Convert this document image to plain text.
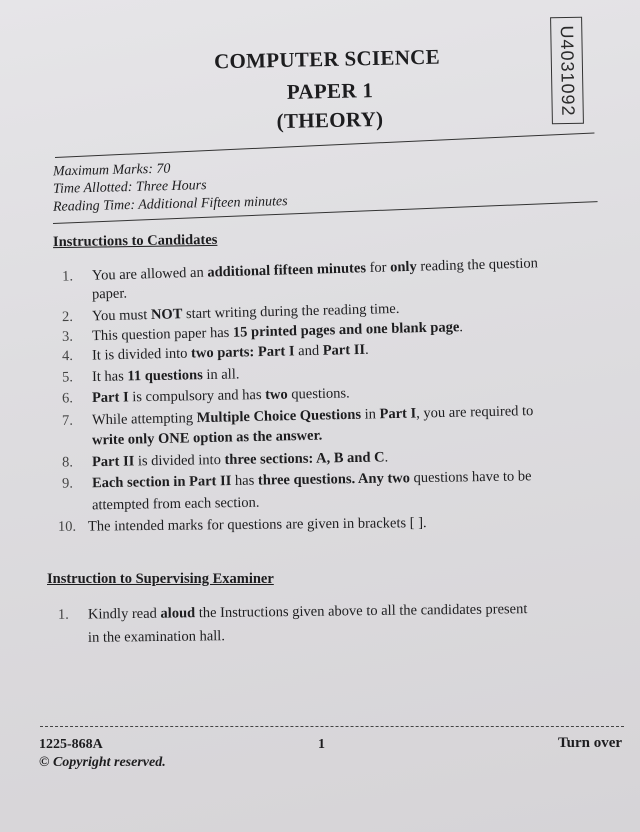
COMPUTER SCIENCE
PAPER 1
(THEORY)
U4031092
Maximum Marks: 70
Time Allotted: Three Hours
Reading Time: Additional Fifteen minutes
Instructions to Candidates
1. You are allowed an additional fifteen minutes for only reading the question
paper.
2. You must NOT start writing during the reading time.
3. This question paper has 15 printed pages and one blank page.
4. It is divided into two parts: Part I and Part II.
5. It has 11 questions in all.
6. Part I is compulsory and has two questions.
7. While attempting Multiple Choice Questions in Part I, you are required to
write only ONE option as the answer.
8. Part II is divided into three sections: A, B and C.
9. Each section in Part II has three questions. Any two questions have to be
attempted from each section.
10. The intended marks for questions are given in brackets [ ].
Instruction to Supervising Examiner
1. Kindly read aloud the Instructions given above to all the candidates present
in the examination hall.
1225-868A	1	Turn over
© Copyright reserved.
